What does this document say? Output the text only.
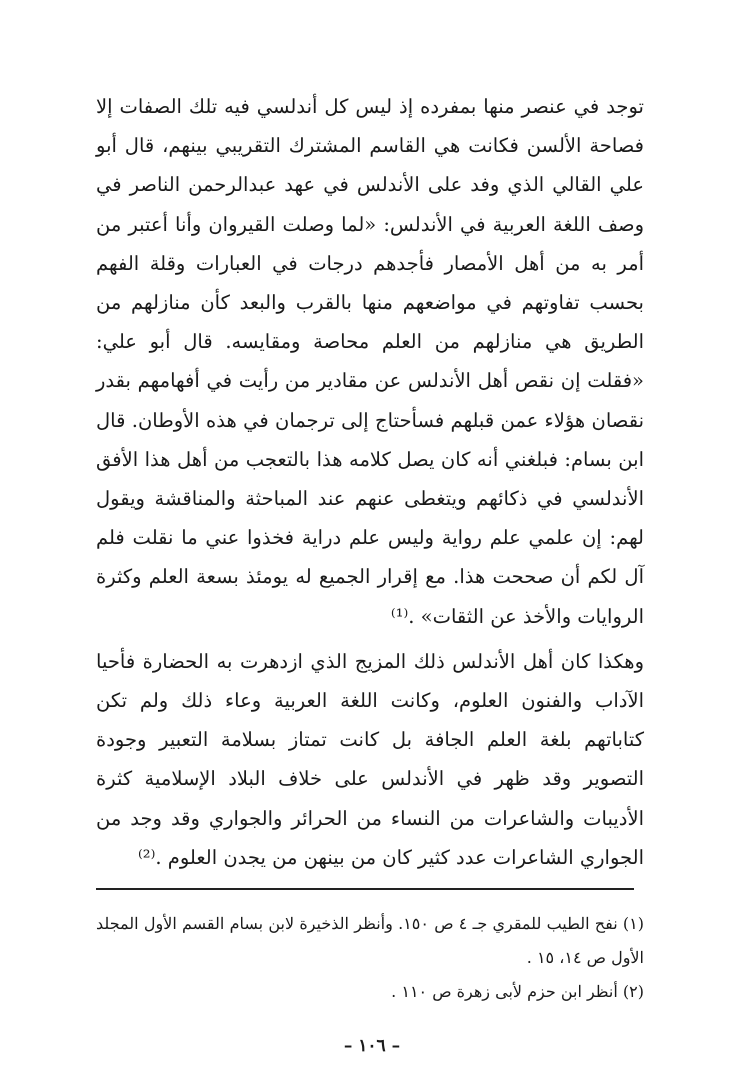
توجد في عنصر منها بمفرده إذ ليس كل أندلسي فيه تلك الصفات إلا فصاحة الألسن فكانت هي القاسم المشترك التقريبي بينهم، قال أبو علي القالي الذي وفد على الأندلس في عهد عبدالرحمن الناصر في وصف اللغة العربية في الأندلس: «لما وصلت القيروان وأنا أعتبر من أمر به من أهل الأمصار فأجدهم درجات في العبارات وقلة الفهم بحسب تفاوتهم في مواضعهم منها بالقرب والبعد كأن منازلهم من الطريق هي منازلهم من العلم محاصة ومقايسه. قال أبو علي: «فقلت إن نقص أهل الأندلس عن مقادير من رأيت في أفهامهم بقدر نقصان هؤلاء عمن قبلهم فسأحتاج إلى ترجمان في هذه الأوطان. قال ابن بسام: فبلغني أنه كان يصل كلامه هذا بالتعجب من أهل هذا الأفق الأندلسي في ذكائهم ويتغطى عنهم عند المباحثة والمناقشة ويقول لهم: إن علمي علم رواية وليس علم دراية فخذوا عني ما نقلت فلم آل لكم أن صححت هذا. مع إقرار الجميع له يومئذ بسعة العلم وكثرة الروايات والأخذ عن الثقات» .⁽¹⁾

وهكذا كان أهل الأندلس ذلك المزيج الذي ازدهرت به الحضارة فأحيا الآداب والفنون العلوم، وكانت اللغة العربية وعاء ذلك ولم تكن كتاباتهم بلغة العلم الجافة بل كانت تمتاز بسلامة التعبير وجودة التصوير وقد ظهر في الأندلس على خلاف البلاد الإسلامية كثرة الأديبات والشاعرات من النساء من الحرائر والجواري وقد وجد من الجواري الشاعرات عدد كثير كان من بينهن من يجدن العلوم .⁽²⁾

(١) نفح الطيب للمقري جـ ٤ ص ١٥٠. وأنظر الذخيرة لابن بسام القسم الأول المجلد الأول ص ١٤، ١٥ .

(٢) أنظر ابن حزم لأبى زهرة ص ١١٠ .

– ١٠٦ –
